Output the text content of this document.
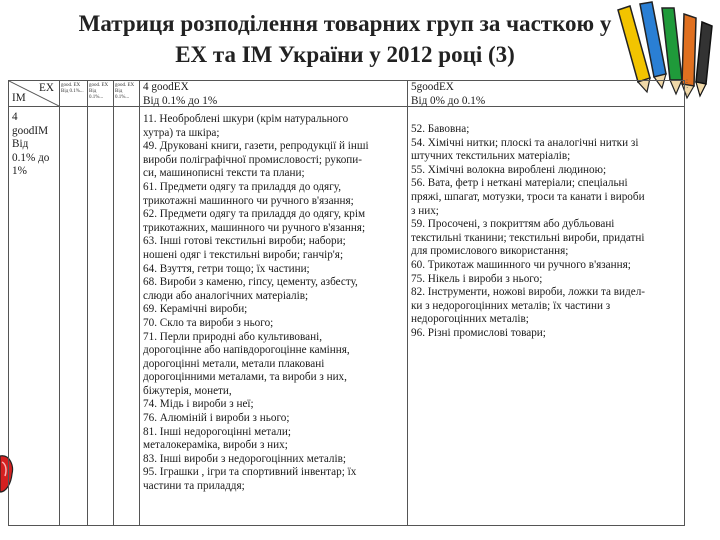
Матриця розподілення товарних груп за часткою у
ЕХ та ІМ України у 2012 році (3)
EX
IM
good. EX Від 0.1%...
good. EX Від 0.1%...
good. EX Від 0.1%...
4 goodEX
Від 0.1% до 1%
5goodEX
Від 0% до 0.1%
4
goodIM
Від
0.1% до
1%
11. Необроблені шкури (крім натурального
хутра) та шкіра;
49. Друковані книги, газети, репродукції й інші
вироби поліграфічної промисловості; рукопи-
си, машинописні тексти та плани;
61. Предмети одягу та приладдя до одягу,
трикотажні машинного чи ручного в'язання;
62. Предмети одягу та приладдя до одягу, крім
трикотажних, машинного чи ручного в'язання;
63. Інші готові текстильні вироби; набори;
ношені одяг і текстильні вироби; ганчір'я;
64. Взуття, гетри тощо; їх частини;
68. Вироби з каменю, гіпсу, цементу, азбесту,
слюди або аналогічних матеріалів;
69. Керамічні вироби;
70. Скло та вироби з нього;
71. Перли природні або культивовані,
дорогоцінне або напівдорогоцінне каміння,
дорогоцінні метали, метали плаковані
дорогоцінними металами, та вироби з них,
біжутерія, монети,
74. Мідь і вироби з неї;
76. Алюміній і вироби з нього;
81. Інші недорогоцінні метали;
металокераміка, вироби з них;
83. Інші вироби з недорогоцінних металів;
95. Іграшки , ігри та спортивний інвентар; їх
частини та приладдя;
52. Бавовна;
54. Хімічні нитки; плоскі та аналогічні нитки зі
штучних текстильних матеріалів;
55. Хімічні волокна вироблені людиною;
56. Вата, фетр і неткані матеріали; спеціальні
пряжі, шпагат, мотузки, троси та канати і вироби
з них;
59. Просочені, з покриттям або дубльовані
текстильні тканини; текстильні вироби, придатні
для промислового використання;
60. Трикотаж машинного чи ручного в'язання;
75. Нікель і вироби з нього;
82. Інструменти, ножові вироби, ложки та видел-
ки з недорогоцінних металів; їх частини з
недорогоцінних металів;
96. Різні промислові товари;
:
·
:
